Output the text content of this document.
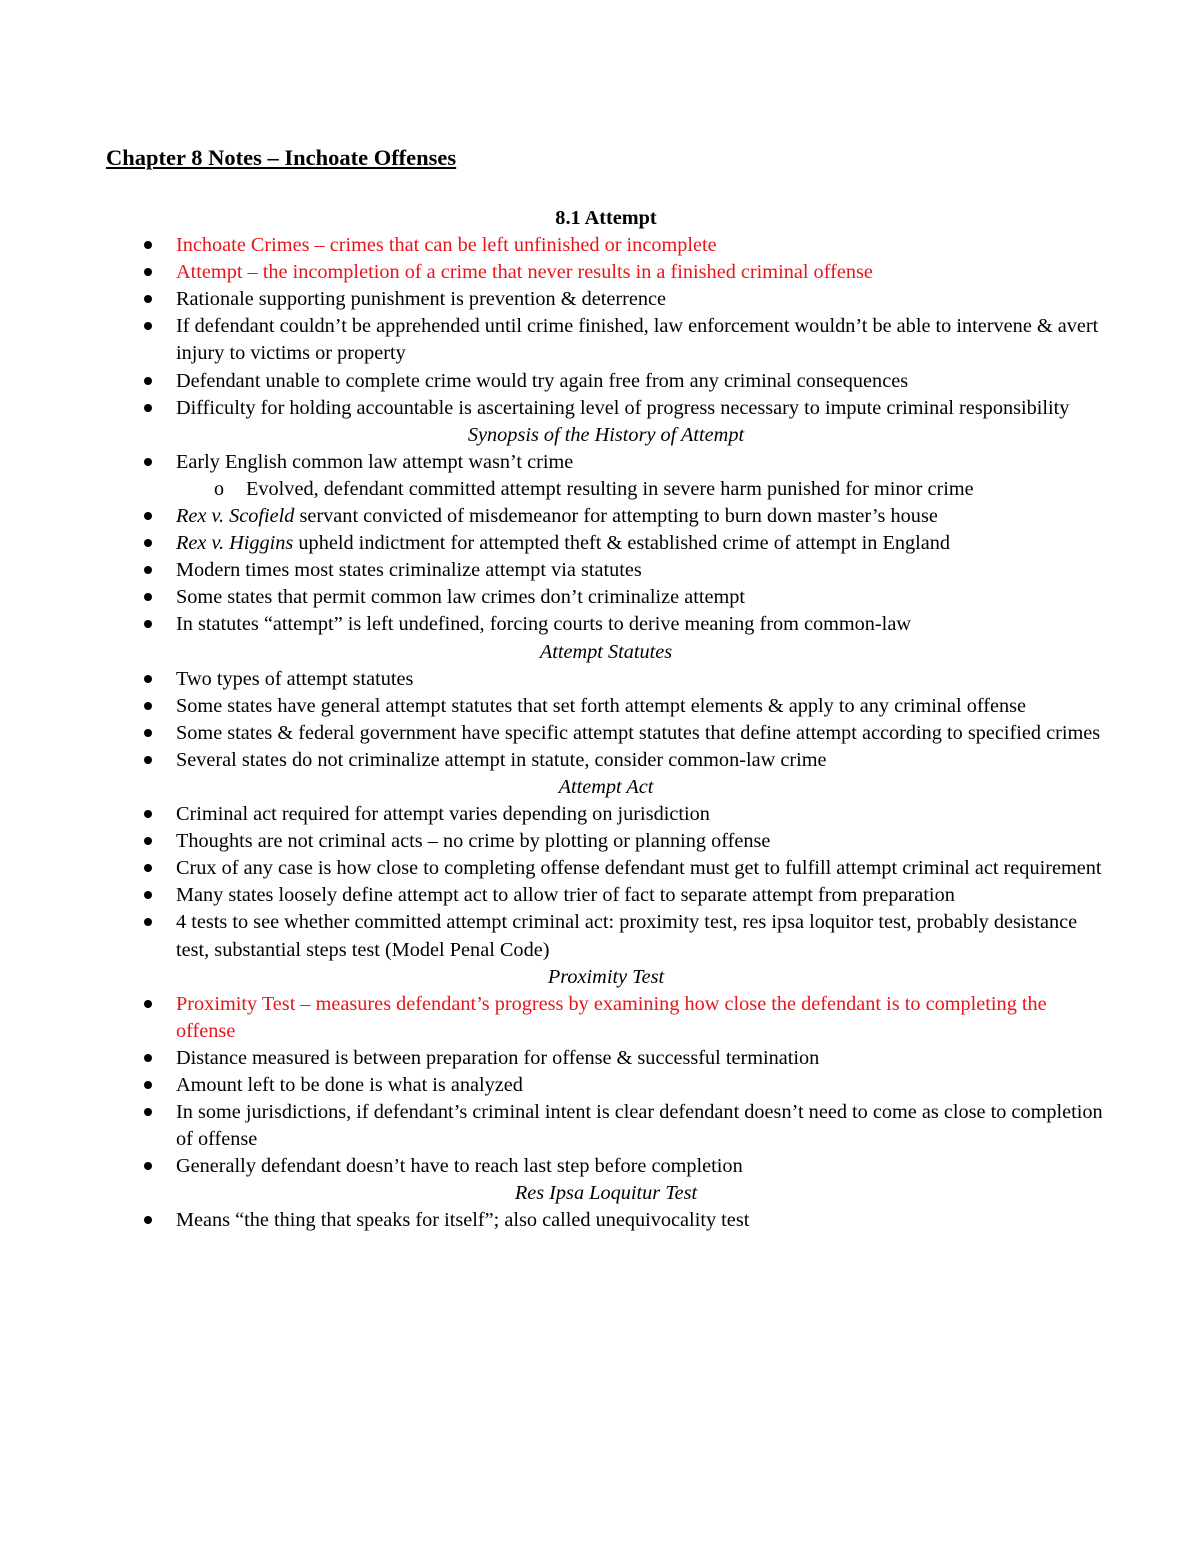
Chapter 8 Notes – Inchoate Offenses
8.1 Attempt
Inchoate Crimes – crimes that can be left unfinished or incomplete
Attempt – the incompletion of a crime that never results in a finished criminal offense
Rationale supporting punishment is prevention & deterrence
If defendant couldn’t be apprehended until crime finished, law enforcement wouldn’t be able to intervene & avert injury to victims or property
Defendant unable to complete crime would try again free from any criminal consequences
Difficulty for holding accountable is ascertaining level of progress necessary to impute criminal responsibility
Synopsis of the History of Attempt
Early English common law attempt wasn’t crime
o Evolved, defendant committed attempt resulting in severe harm punished for minor crime
Rex v. Scofield servant convicted of misdemeanor for attempting to burn down master’s house
Rex v. Higgins upheld indictment for attempted theft & established crime of attempt in England
Modern times most states criminalize attempt via statutes
Some states that permit common law crimes don’t criminalize attempt
In statutes “attempt” is left undefined, forcing courts to derive meaning from common-law
Attempt Statutes
Two types of attempt statutes
Some states have general attempt statutes that set forth attempt elements & apply to any criminal offense
Some states & federal government have specific attempt statutes that define attempt according to specified crimes
Several states do not criminalize attempt in statute, consider common-law crime
Attempt Act
Criminal act required for attempt varies depending on jurisdiction
Thoughts are not criminal acts – no crime by plotting or planning offense
Crux of any case is how close to completing offense defendant must get to fulfill attempt criminal act requirement
Many states loosely define attempt act to allow trier of fact to separate attempt from preparation
4 tests to see whether committed attempt criminal act: proximity test, res ipsa loquitor test, probably desistance test, substantial steps test (Model Penal Code)
Proximity Test
Proximity Test – measures defendant’s progress by examining how close the defendant is to completing the offense
Distance measured is between preparation for offense & successful termination
Amount left to be done is what is analyzed
In some jurisdictions, if defendant’s criminal intent is clear defendant doesn’t need to come as close to completion of offense
Generally defendant doesn’t have to reach last step before completion
Res Ipsa Loquitur Test
Means “the thing that speaks for itself”; also called unequivocality test
